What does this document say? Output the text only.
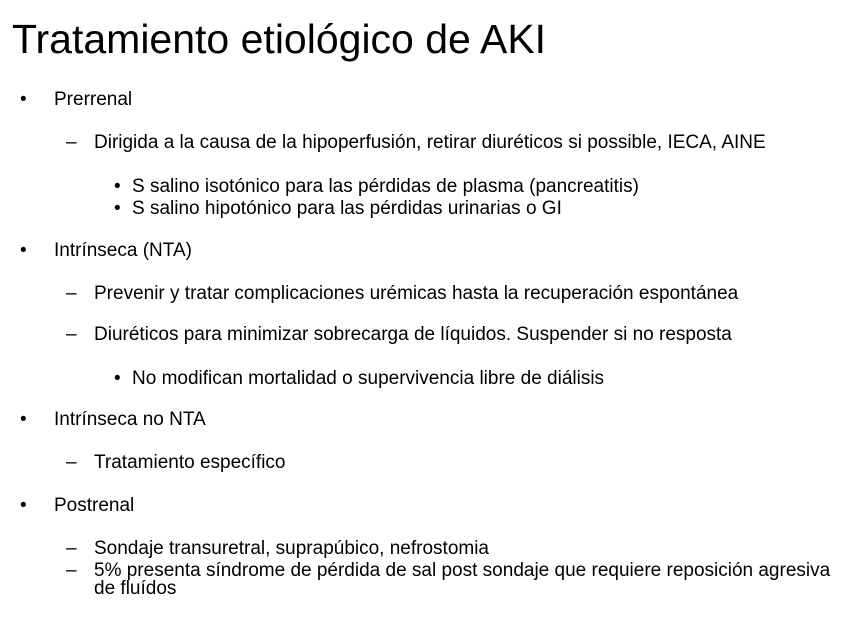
Tratamiento etiológico de AKI
•	Prerrenal
– Dirigida a la causa de la hipoperfusión, retirar diuréticos si possible, IECA, AINE
• S salino isotónico para las pérdidas de plasma (pancreatitis)
• S salino hipotónico para las pérdidas urinarias o GI
•	Intrínseca (NTA)
– Prevenir y tratar complicaciones urémicas hasta la recuperación espontánea
– Diuréticos para minimizar sobrecarga de líquidos. Suspender si no resposta
• No modifican mortalidad o supervivencia libre de diálisis
•	Intrínseca no NTA
– Tratamiento específico
•	Postrenal
– Sondaje transuretral, suprapúbico, nefrostomia
– 5% presenta síndrome de pérdida de sal post sondaje que requiere reposición agresiva de fluídos
